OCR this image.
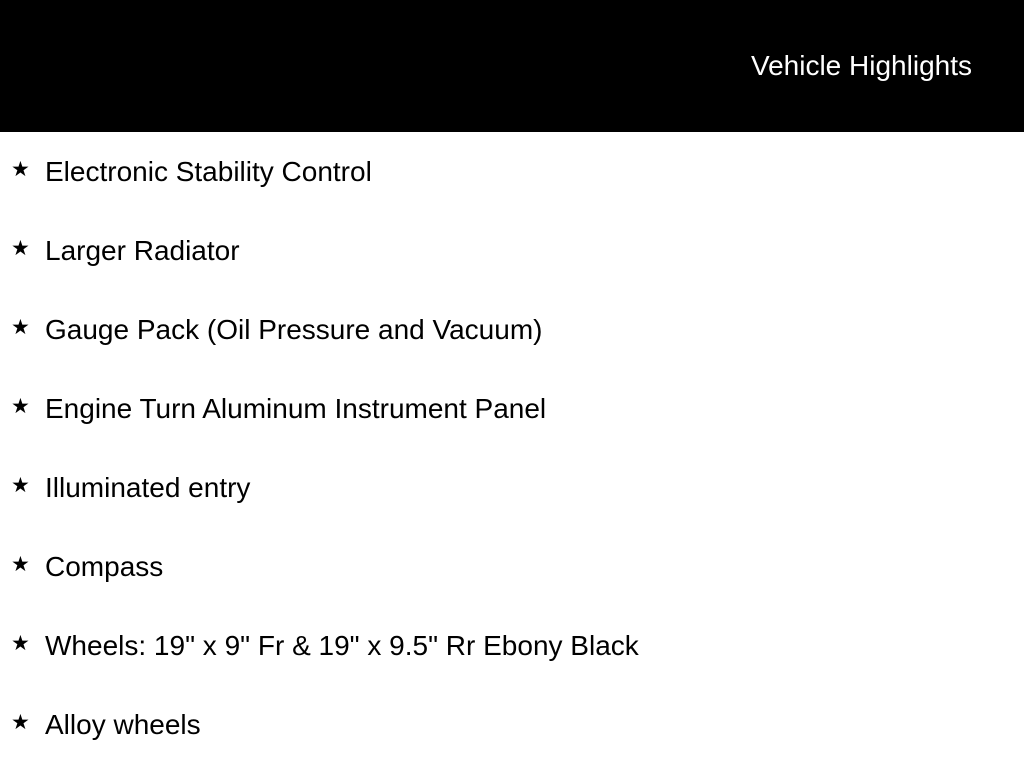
Vehicle Highlights
★ Electronic Stability Control
★ Larger Radiator
★ Gauge Pack (Oil Pressure and Vacuum)
★ Engine Turn Aluminum Instrument Panel
★ Illuminated entry
★ Compass
★ Wheels: 19" x 9" Fr & 19" x 9.5" Rr Ebony Black
★ Alloy wheels
